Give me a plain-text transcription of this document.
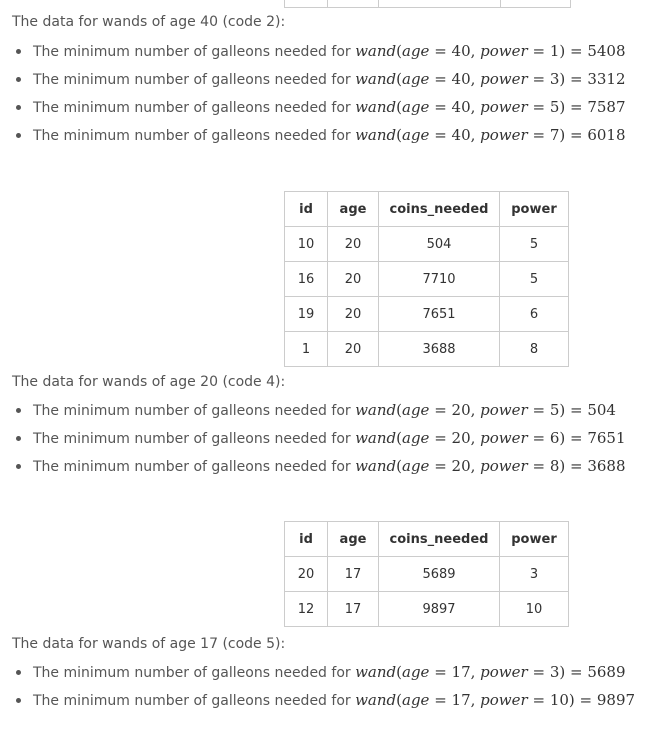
The data for wands of age 40 (code 2):

The minimum number of galleons needed for wand(age = 40, power = 1) = 5408
The minimum number of galleons needed for wand(age = 40, power = 3) = 3312
The minimum number of galleons needed for wand(age = 40, power = 5) = 7587
The minimum number of galleons needed for wand(age = 40, power = 7) = 6018
id	age	coins_needed	power
10	20	504	5
16	20	7710	5
19	20	7651	6
1	20	3688	8

The data for wands of age 20 (code 4):

The minimum number of galleons needed for wand(age = 20, power = 5) = 504
The minimum number of galleons needed for wand(age = 20, power = 6) = 7651
The minimum number of galleons needed for wand(age = 20, power = 8) = 3688
id	age	coins_needed	power
20	17	5689	3
12	17	9897	10

The data for wands of age 17 (code 5):

The minimum number of galleons needed for wand(age = 17, power = 3) = 5689
The minimum number of galleons needed for wand(age = 17, power = 10) = 9897
